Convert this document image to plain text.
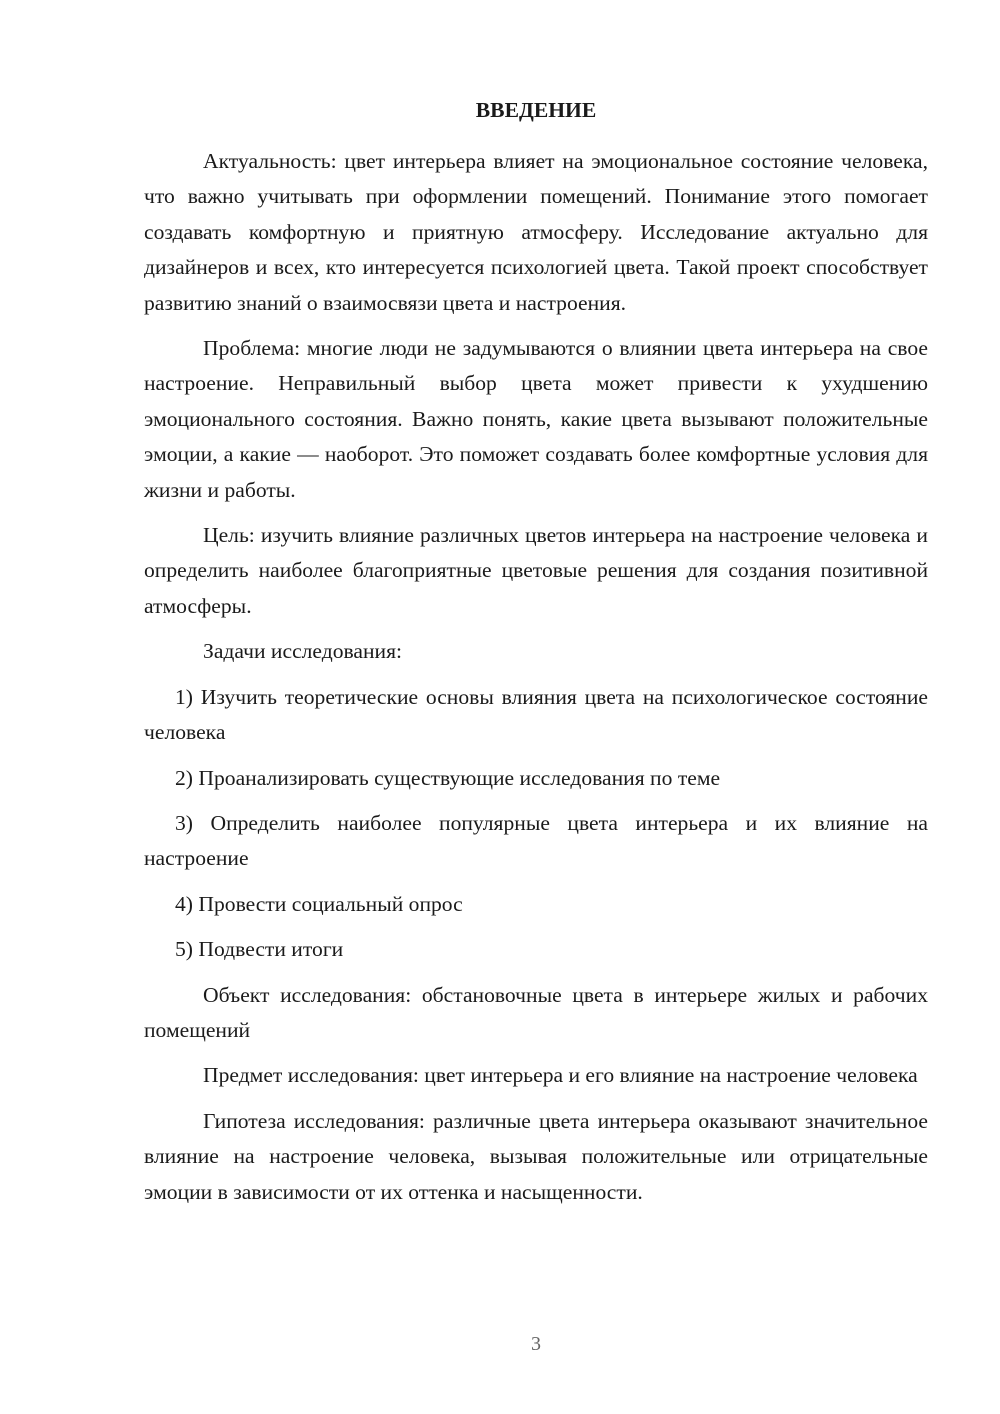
ВВЕДЕНИЕ

Актуальность: цвет интерьера влияет на эмоциональное состояние человека, что важно учитывать при оформлении помещений. Понимание этого помогает создавать комфортную и приятную атмосферу. Исследование актуально для дизайнеров и всех, кто интересуется психологией цвета. Такой проект способствует развитию знаний о взаимосвязи цвета и настроения.

Проблема: многие люди не задумываются о влиянии цвета интерьера на свое настроение. Неправильный выбор цвета может привести к ухудшению эмоционального состояния. Важно понять, какие цвета вызывают положительные эмоции, а какие — наоборот. Это поможет создавать более комфортные условия для жизни и работы.

Цель: изучить влияние различных цветов интерьера на настроение человека и определить наиболее благоприятные цветовые решения для создания позитивной атмосферы.

Задачи исследования:

1) Изучить теоретические основы влияния цвета на психологическое состояние человека

2) Проанализировать существующие исследования по теме

3) Определить наиболее популярные цвета интерьера и их влияние на настроение

4) Провести социальный опрос

5) Подвести итоги

Объект исследования: обстановочные цвета в интерьере жилых и рабочих помещений

Предмет исследования: цвет интерьера и его влияние на настроение человека

Гипотеза исследования: различные цвета интерьера оказывают значительное влияние на настроение человека, вызывая положительные или отрицательные эмоции в зависимости от их оттенка и насыщенности.

3
